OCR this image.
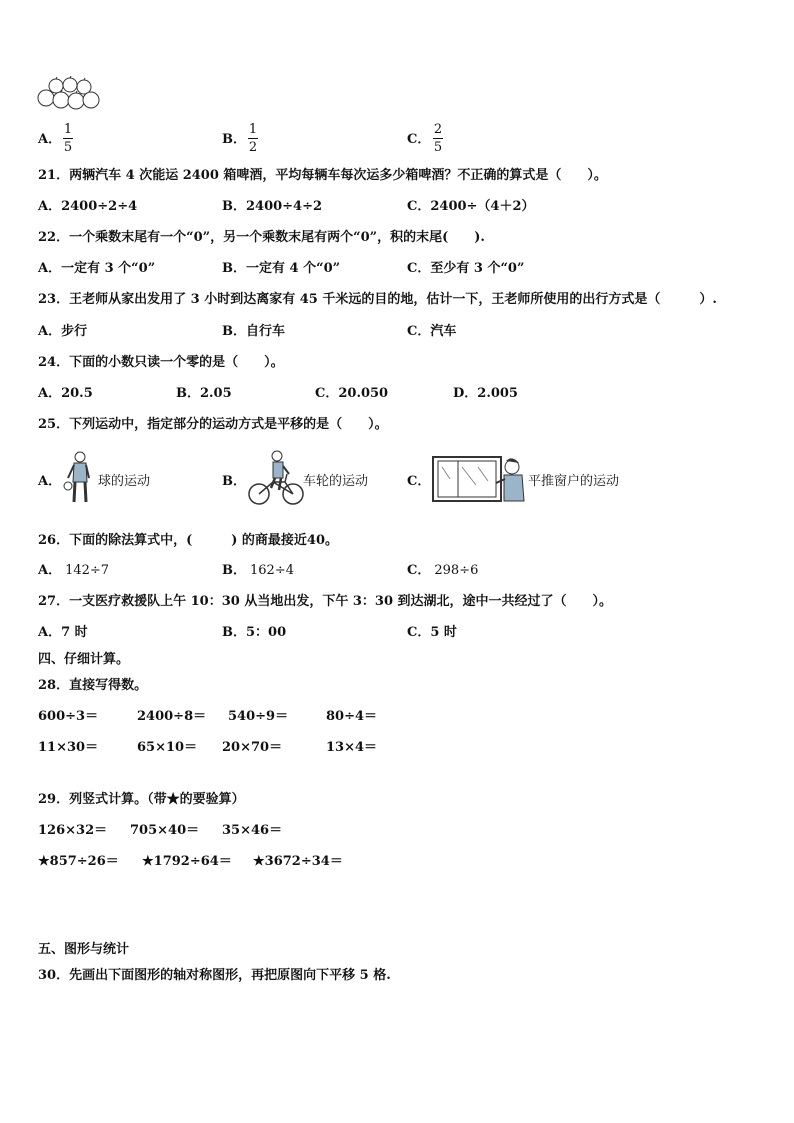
A．
1
5
B．
1
2
C．
2
5
21．两辆汽车 4 次能运 2400 箱啤酒，平均每辆车每次运多少箱啤酒？不正确的算式是（　　）。
A．2400÷2÷4	B．2400÷4÷2	C．2400÷（4＋2）
22．一个乘数末尾有一个“0”，另一个乘数末尾有两个“0”，积的末尾(　　).
A．一定有 3 个“0”	B．一定有 4 个“0”	C．至少有 3 个“0”
23．王老师从家出发用了 3 小时到达离家有 45 千米远的目的地，估计一下，王老师所使用的出行方式是（　　　）.
A．步行	B．自行车	C．汽车
24．下面的小数只读一个零的是（　　）。
A．20.5	B．2.05	C．20.050	D．2.005
25．下列运动中，指定部分的运动方式是平移的是（　　）。
A．	球的运动	B．	车轮的运动	C．	平推窗户的运动
26．下面的除法算式中，(　　　) 的商最接近40。
A． 142÷7	B． 162÷4	C． 298÷6
27．一支医疗救援队上午 10：30 从当地出发，下午 3：30 到达湖北，途中一共经过了（　　）。
A．7 时	B．5：00	C．5 时
四、仔细计算。
28．直接写得数。
600÷3＝	2400÷8＝ 540÷9＝	80÷4＝
11×30＝	65×10＝ 20×70＝	13×4＝
29．列竖式计算。（带★的要验算）
126×32＝ 705×40＝ 35×46＝
★857÷26＝ ★1792÷64＝ ★3672÷34＝
五、图形与统计
30．先画出下面图形的轴对称图形，再把原图向下平移 5 格.
